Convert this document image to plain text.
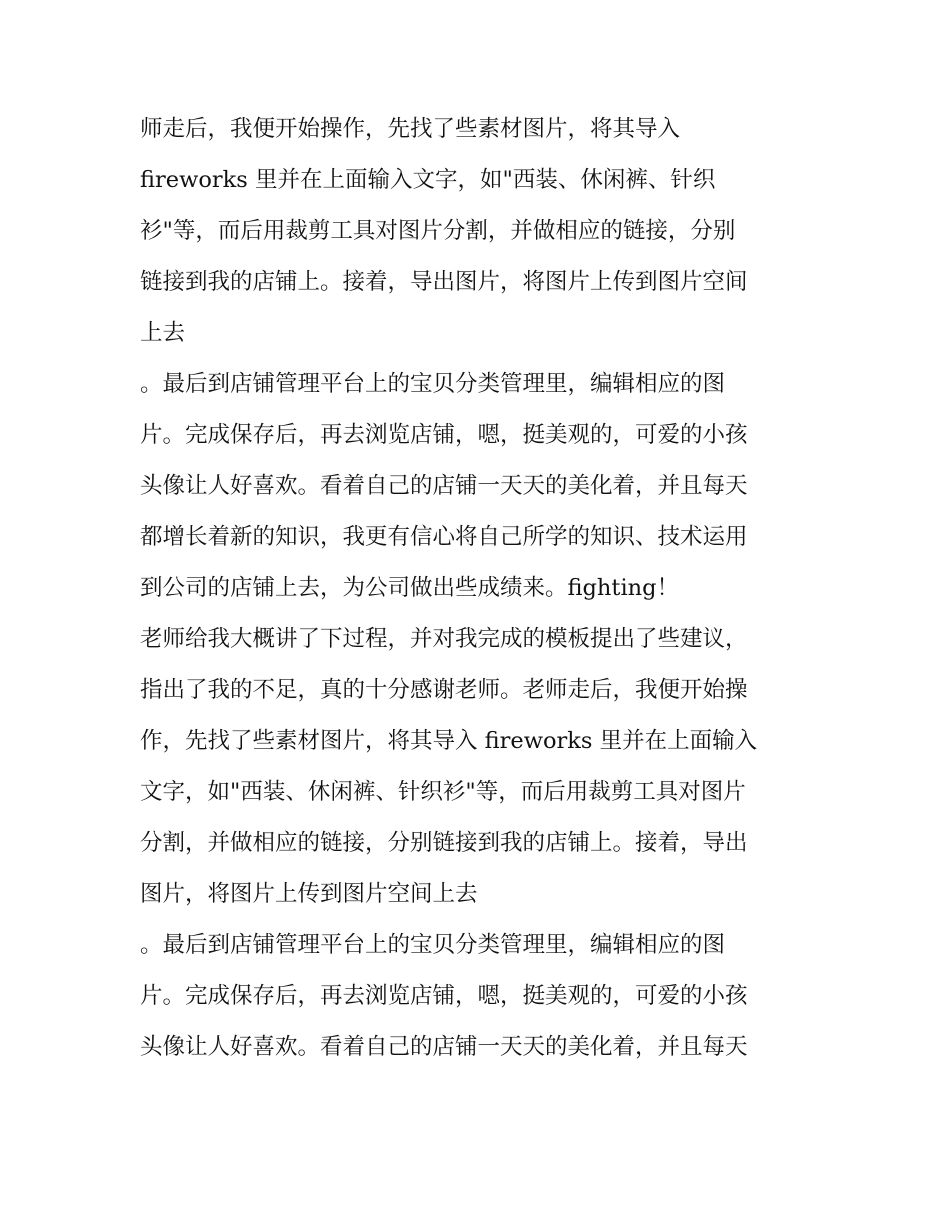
师走后，我便开始操作，先找了些素材图片，将其导入
fireworks 里并在上面输入文字，如"西装、休闲裤、针织
衫"等，而后用裁剪工具对图片分割，并做相应的链接，分别
链接到我的店铺上。接着，导出图片，将图片上传到图片空间
上去
。最后到店铺管理平台上的宝贝分类管理里，编辑相应的图
片。完成保存后，再去浏览店铺，嗯，挺美观的，可爱的小孩
头像让人好喜欢。看着自己的店铺一天天的美化着，并且每天
都增长着新的知识，我更有信心将自己所学的知识、技术运用
到公司的店铺上去，为公司做出些成绩来。fighting！
老师给我大概讲了下过程，并对我完成的模板提出了些建议，
指出了我的不足，真的十分感谢老师。老师走后，我便开始操
作，先找了些素材图片，将其导入 fireworks 里并在上面输入
文字，如"西装、休闲裤、针织衫"等，而后用裁剪工具对图片
分割，并做相应的链接，分别链接到我的店铺上。接着，导出
图片，将图片上传到图片空间上去
。最后到店铺管理平台上的宝贝分类管理里，编辑相应的图
片。完成保存后，再去浏览店铺，嗯，挺美观的，可爱的小孩
头像让人好喜欢。看着自己的店铺一天天的美化着，并且每天
